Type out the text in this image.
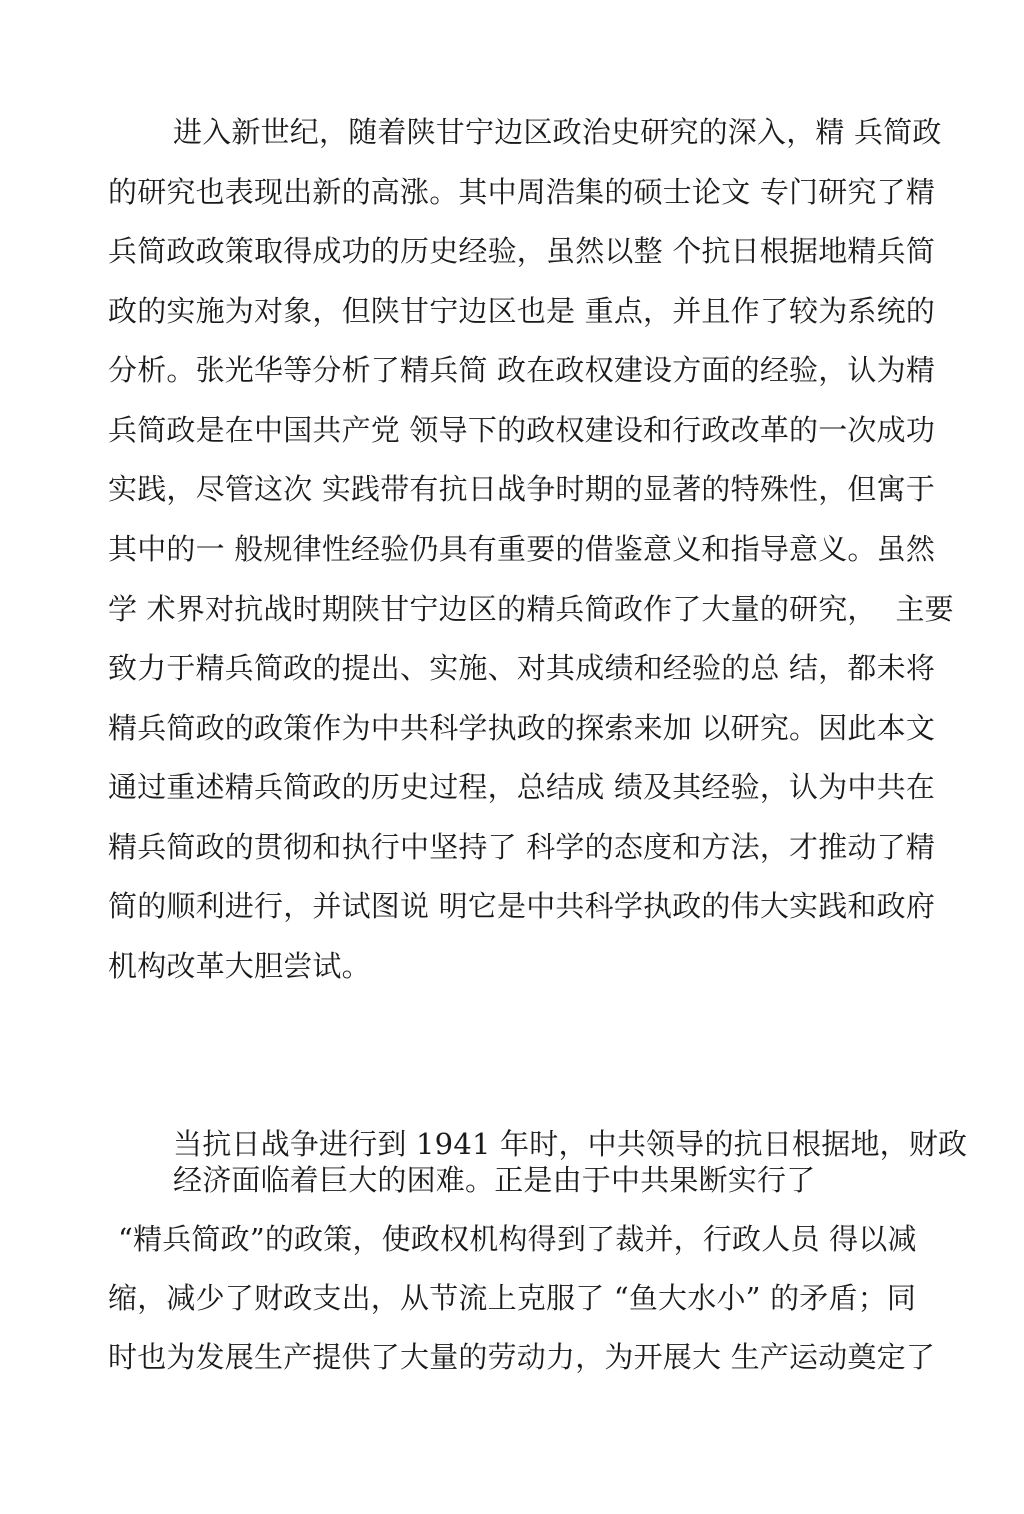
进入新世纪，随着陕甘宁边区政治史研究的深入，精 兵简政
的研究也表现出新的高涨。其中周浩集的硕士论文 专门研究了精
兵简政政策取得成功的历史经验，虽然以整 个抗日根据地精兵简
政的实施为对象，但陕甘宁边区也是 重点，并且作了较为系统的
分析。张光华等分析了精兵简 政在政权建设方面的经验，认为精
兵简政是在中国共产党 领导下的政权建设和行政改革的一次成功
实践，尽管这次 实践带有抗日战争时期的显著的特殊性，但寓于
其中的一 般规律性经验仍具有重要的借鉴意义和指导意义。虽然
学 术界对抗战时期陕甘宁边区的精兵简政作了大量的研究，  主要
致力于精兵简政的提出、实施、对其成绩和经验的总 结，都未将
精兵简政的政策作为中共科学执政的探索来加 以研究。因此本文
通过重述精兵简政的历史过程，总结成 绩及其经验，认为中共在
精兵简政的贯彻和执行中坚持了 科学的态度和方法，才推动了精
简的顺利进行，并试图说 明它是中共科学执政的伟大实践和政府
机构改革大胆尝试。
当抗日战争进行到 1941 年时，中共领导的抗日根据地，财政
经济面临着巨大的困难。正是由于中共果断实行了
“精兵简政”的政策，使政权机构得到了裁并，行政人员 得以减
缩，减少了财政支出，从节流上克服了 “鱼大水小” 的矛盾；同
时也为发展生产提供了大量的劳动力，为开展大 生产运动奠定了
